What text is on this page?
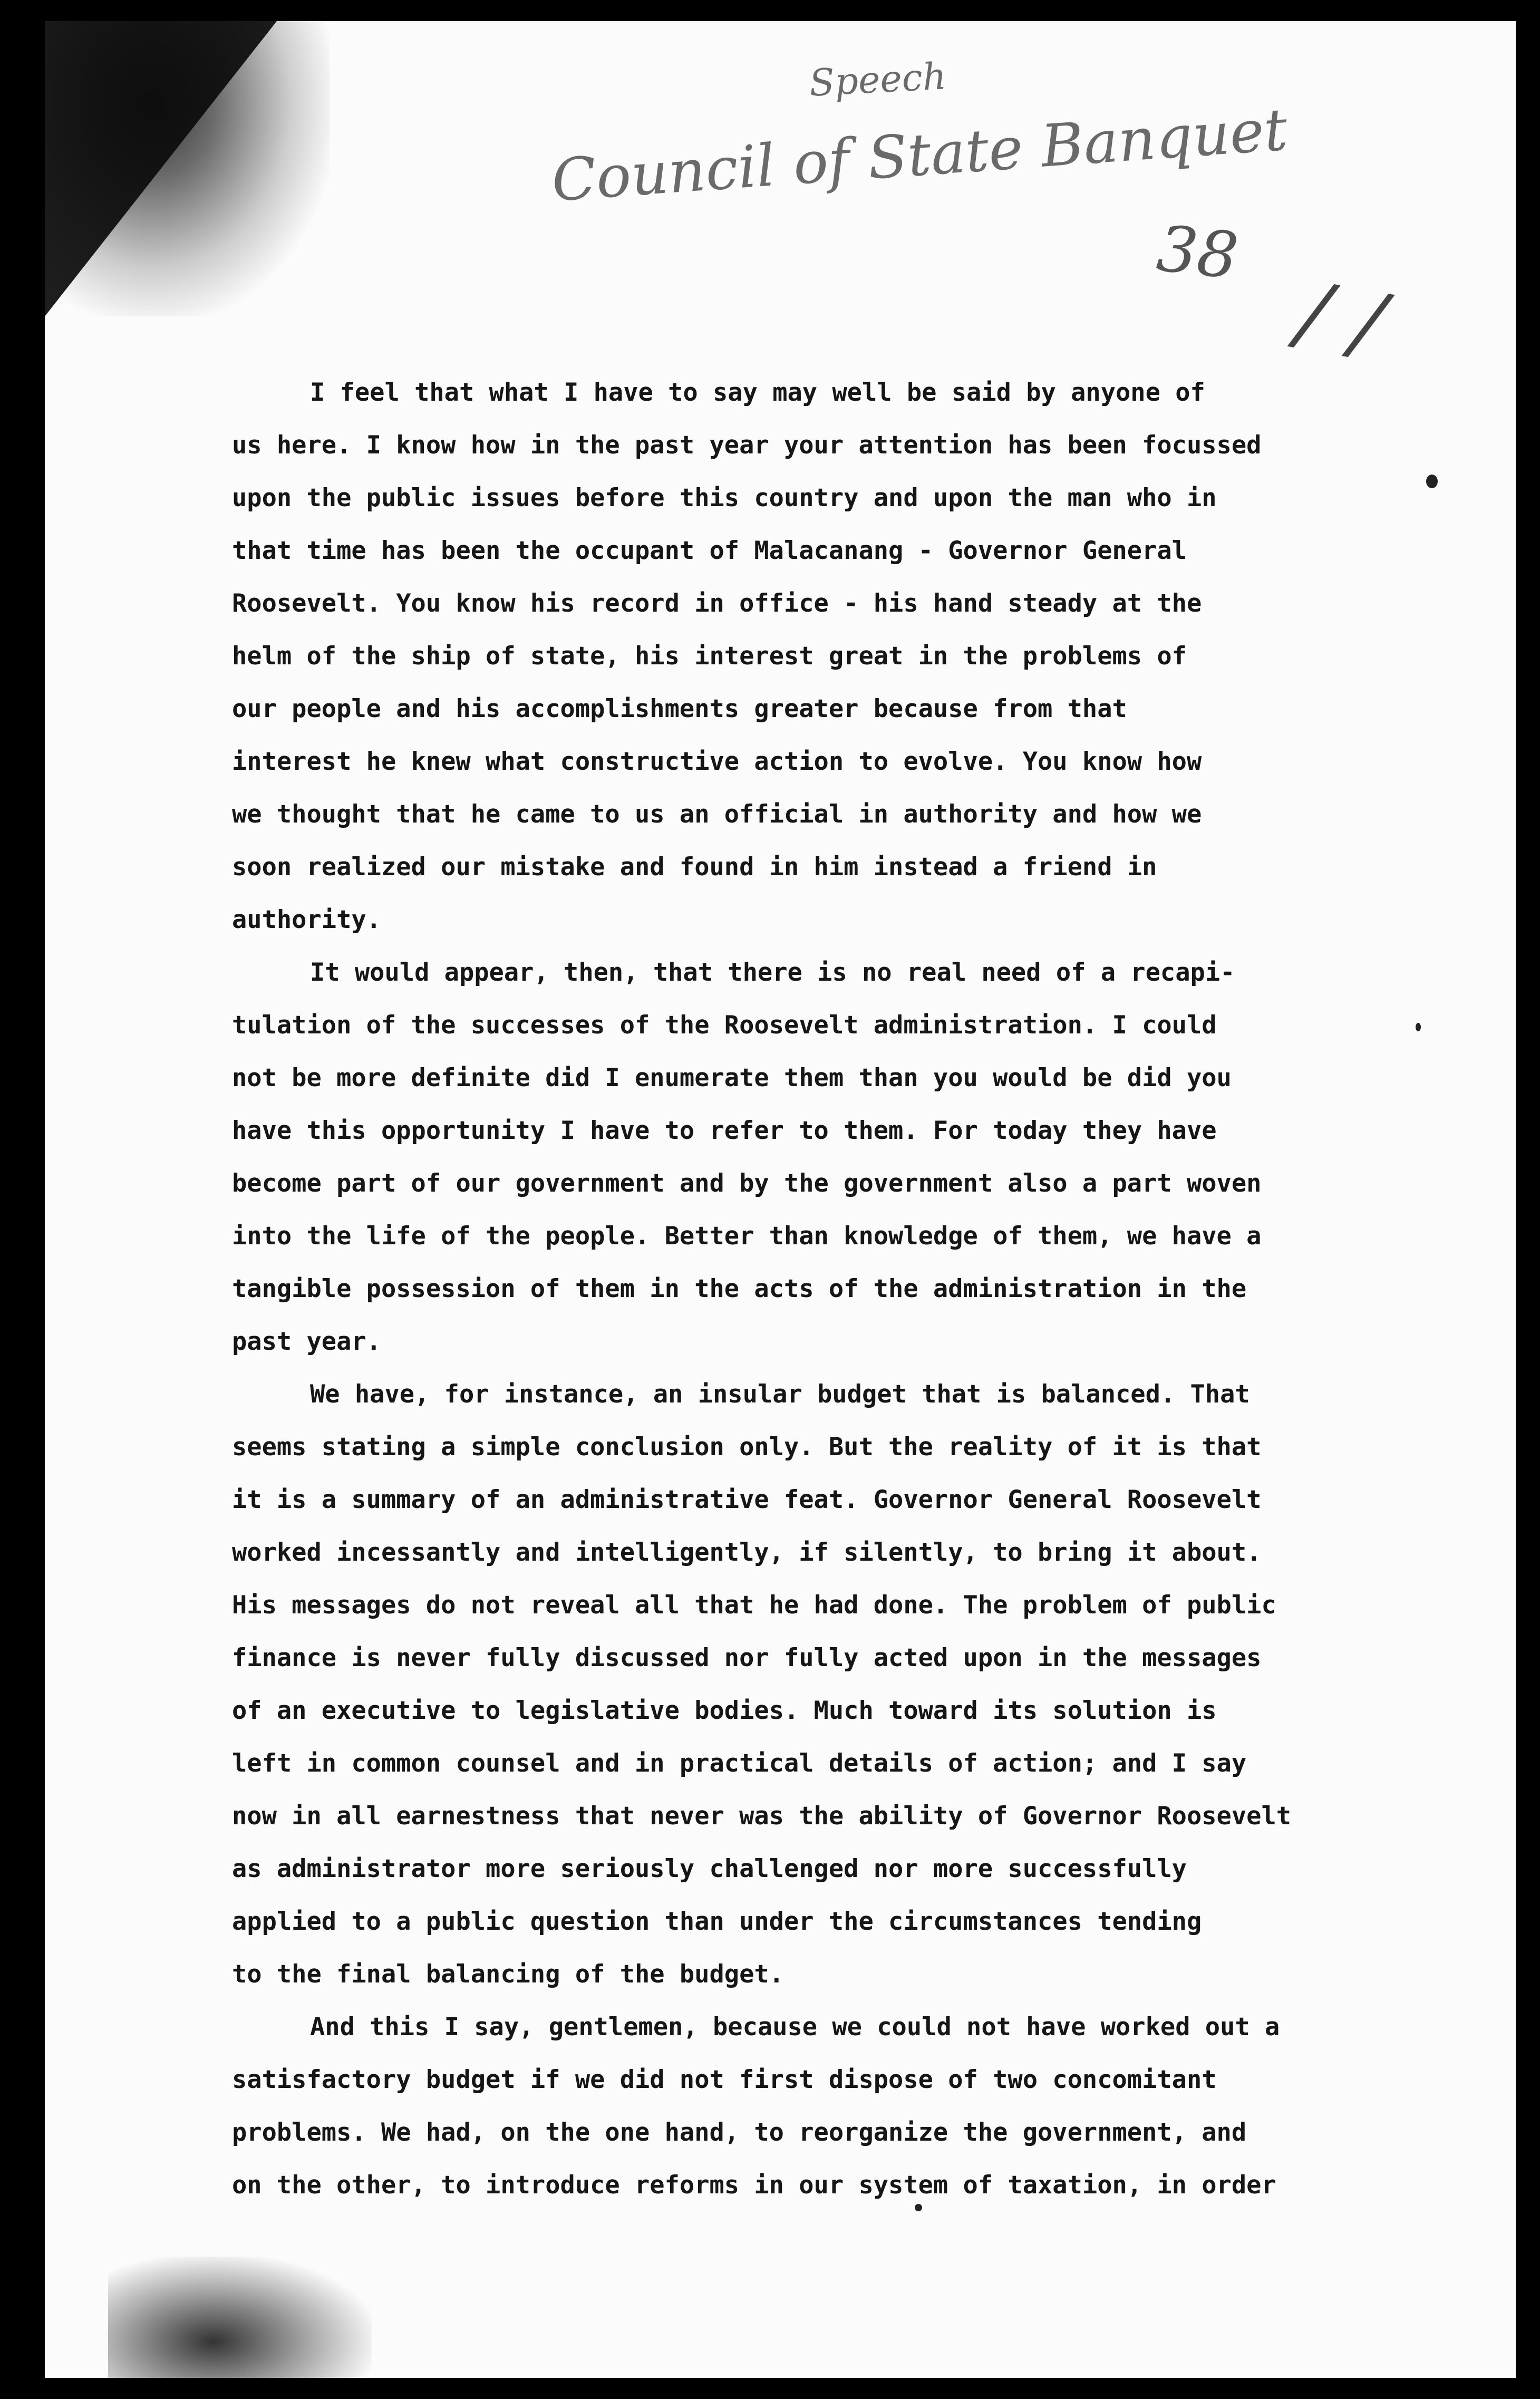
Speech
Council of State Banquet
38
/ /
I feel that what I have to say may well be said by anyone of
us here. I know how in the past year your attention has been focussed
upon the public issues before this country and upon the man who in
that time has been the occupant of Malacanang - Governor General
Roosevelt. You know his record in office - his hand steady at the
helm of the ship of state, his interest great in the problems of
our people and his accomplishments greater because from that
interest he knew what constructive action to evolve. You know how
we thought that he came to us an official in authority and how we
soon realized our mistake and found in him instead a friend in
authority.
It would appear, then, that there is no real need of a recapi-
tulation of the successes of the Roosevelt administration. I could
not be more definite did I enumerate them than you would be did you
have this opportunity I have to refer to them. For today they have
become part of our government and by the government also a part woven
into the life of the people. Better than knowledge of them, we have a
tangible possession of them in the acts of the administration in the
past year.
We have, for instance, an insular budget that is balanced. That
seems stating a simple conclusion only. But the reality of it is that
it is a summary of an administrative feat. Governor General Roosevelt
worked incessantly and intelligently, if silently, to bring it about.
His messages do not reveal all that he had done. The problem of public
finance is never fully discussed nor fully acted upon in the messages
of an executive to legislative bodies. Much toward its solution is
left in common counsel and in practical details of action; and I say
now in all earnestness that never was the ability of Governor Roosevelt
as administrator more seriously challenged nor more successfully
applied to a public question than under the circumstances tending
to the final balancing of the budget.
And this I say, gentlemen, because we could not have worked out a
satisfactory budget if we did not first dispose of two concomitant
problems. We had, on the one hand, to reorganize the government, and
on the other, to introduce reforms in our system of taxation, in order
